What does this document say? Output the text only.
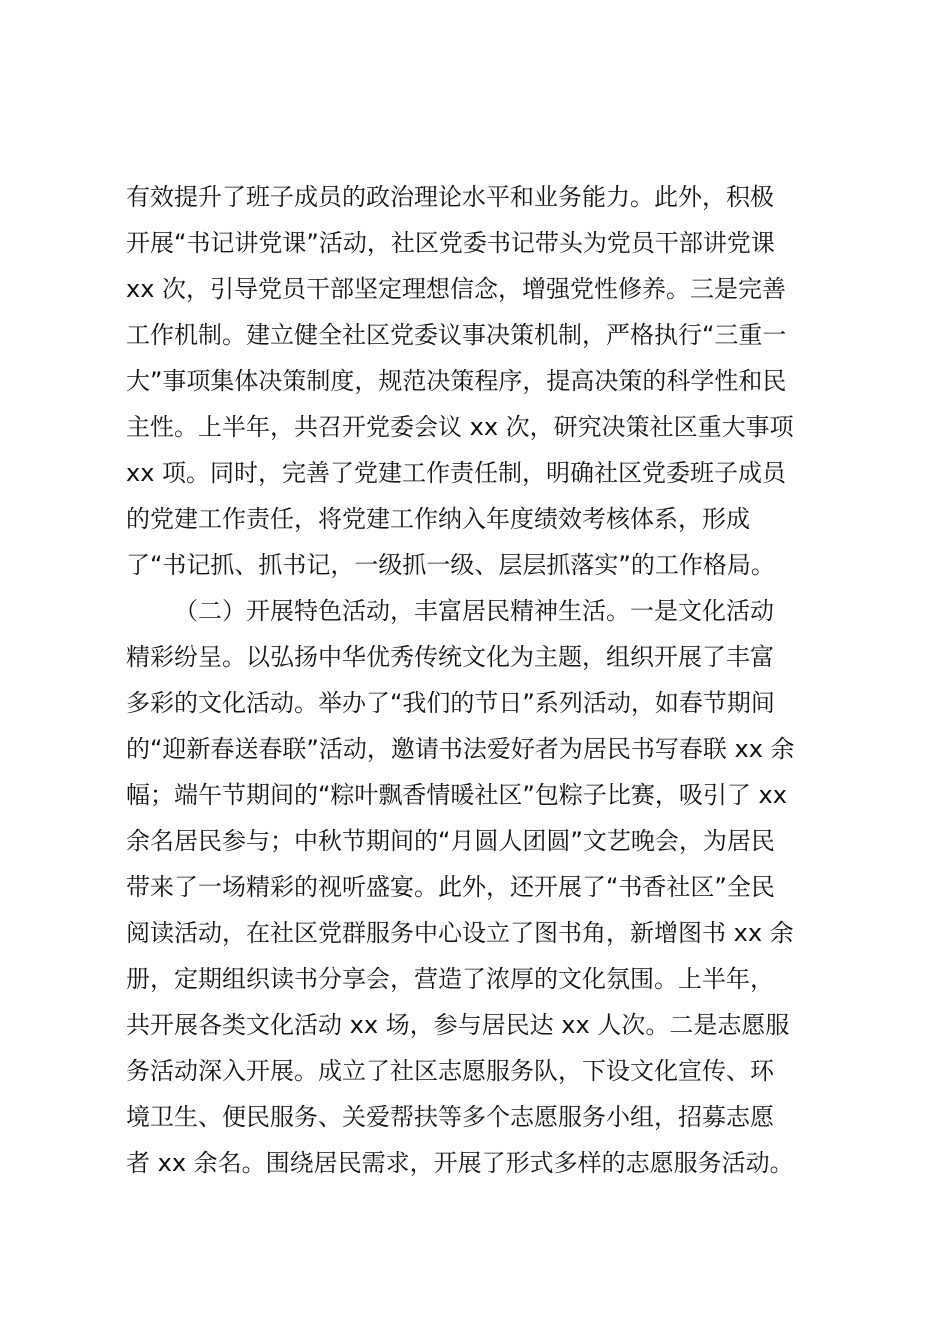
有效提升了班子成员的政治理论水平和业务能力。此外，积极
开展“书记讲党课”活动，社区党委书记带头为党员干部讲党课
xx 次，引导党员干部坚定理想信念，增强党性修养。三是完善
工作机制。建立健全社区党委议事决策机制，严格执行“三重一
大”事项集体决策制度，规范决策程序，提高决策的科学性和民
主性。上半年，共召开党委会议 xx 次，研究决策社区重大事项
xx 项。同时，完善了党建工作责任制，明确社区党委班子成员
的党建工作责任，将党建工作纳入年度绩效考核体系，形成
了“书记抓、抓书记，一级抓一级、层层抓落实”的工作格局。
（二）开展特色活动，丰富居民精神生活。一是文化活动
精彩纷呈。以弘扬中华优秀传统文化为主题，组织开展了丰富
多彩的文化活动。举办了“我们的节日”系列活动，如春节期间
的“迎新春送春联”活动，邀请书法爱好者为居民书写春联 xx 余
幅；端午节期间的“粽叶飘香情暖社区”包粽子比赛，吸引了 xx
余名居民参与；中秋节期间的“月圆人团圆”文艺晚会，为居民
带来了一场精彩的视听盛宴。此外，还开展了“书香社区”全民
阅读活动，在社区党群服务中心设立了图书角，新增图书 xx 余
册，定期组织读书分享会，营造了浓厚的文化氛围。上半年，
共开展各类文化活动 xx 场，参与居民达 xx 人次。二是志愿服
务活动深入开展。成立了社区志愿服务队，下设文化宣传、环
境卫生、便民服务、关爱帮扶等多个志愿服务小组，招募志愿
者 xx 余名。围绕居民需求，开展了形式多样的志愿服务活动。
